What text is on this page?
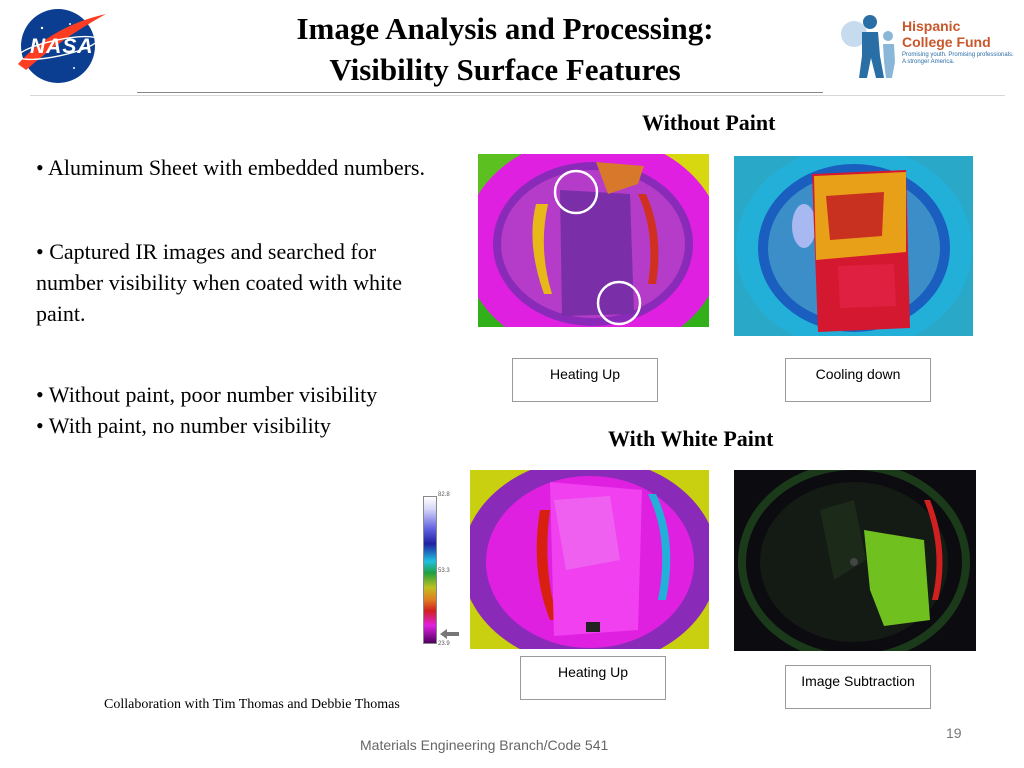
NASA
Image Analysis and Processing:
Visibility Surface Features
Hispanic
College Fund
Promising youth. Promising professionals.
A stronger America.

• Aluminum Sheet with embedded numbers.

• Captured IR images and searched for number visibility when coated with white paint.

• Without paint, poor number visibility

• With paint, no number visibility

Without Paint
With White Paint
Heating Up	Cooling down
Heating Up
Image Subtraction
82.8
53.3
23.9
Collaboration with Tim Thomas and Debbie Thomas
Materials Engineering Branch/Code 541
19
